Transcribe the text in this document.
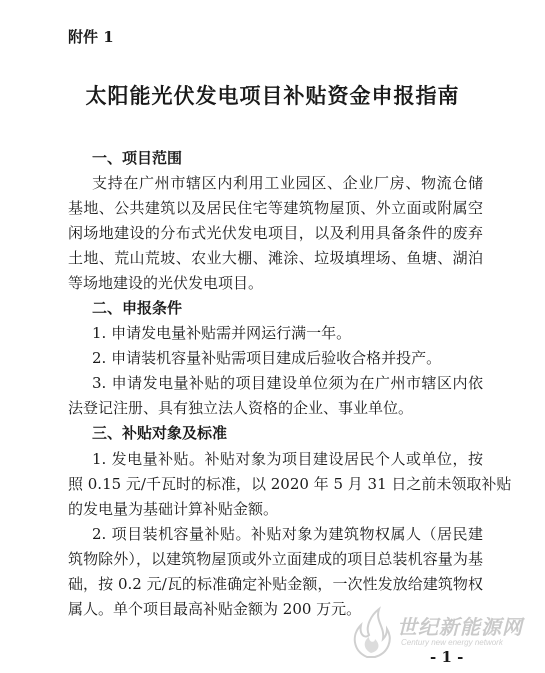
附件 1
太阳能光伏发电项目补贴资金申报指南
一、项目范围
支持在广州市辖区内利用工业园区、企业厂房、物流仓储
基地、公共建筑以及居民住宅等建筑物屋顶、外立面或附属空
闲场地建设的分布式光伏发电项目，以及利用具备条件的废弃
土地、荒山荒坡、农业大棚、滩涂、垃圾填埋场、鱼塘、湖泊
等场地建设的光伏发电项目。
二、申报条件
1. 申请发电量补贴需并网运行满一年。
2. 申请装机容量补贴需项目建成后验收合格并投产。
3. 申请发电量补贴的项目建设单位须为在广州市辖区内依
法登记注册、具有独立法人资格的企业、事业单位。
三、补贴对象及标准
1. 发电量补贴。补贴对象为项目建设居民个人或单位，按
照 0.15 元/千瓦时的标准，以 2020 年 5 月 31 日之前未领取补贴
的发电量为基础计算补贴金额。
2. 项目装机容量补贴。补贴对象为建筑物权属人（居民建
筑物除外），以建筑物屋顶或外立面建成的项目总装机容量为基
础，按 0.2 元/瓦的标准确定补贴金额，一次性发放给建筑物权
属人。单个项目最高补贴金额为 200 万元。
世纪新能源网
Century new energy network
- 1 -
